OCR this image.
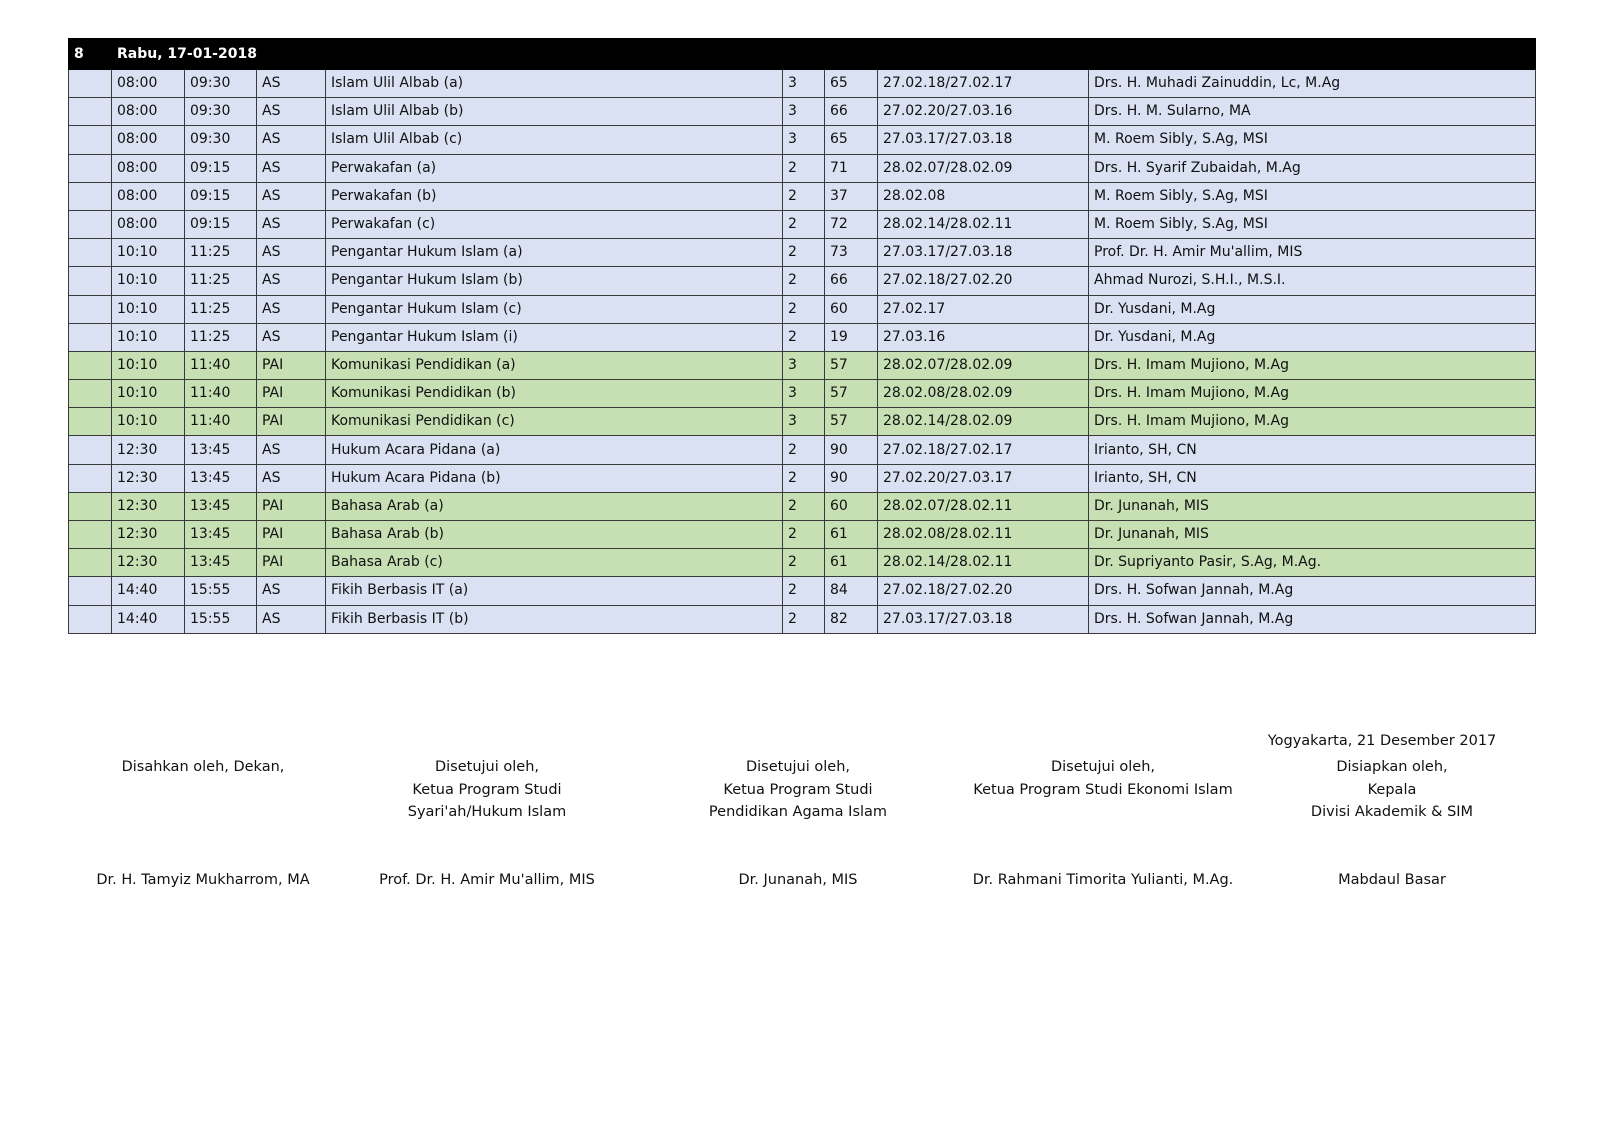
8	Rabu, 17-01-2018							
	08:00	09:30	AS	Islam Ulil Albab (a)	3	65	27.02.18/27.02.17	Drs. H. Muhadi Zainuddin, Lc, M.Ag
	08:00	09:30	AS	Islam Ulil Albab (b)	3	66	27.02.20/27.03.16	Drs. H. M. Sularno, MA
	08:00	09:30	AS	Islam Ulil Albab (c)	3	65	27.03.17/27.03.18	M. Roem Sibly, S.Ag, MSI
	08:00	09:15	AS	Perwakafan (a)	2	71	28.02.07/28.02.09	Drs. H. Syarif Zubaidah, M.Ag
	08:00	09:15	AS	Perwakafan (b)	2	37	28.02.08	M. Roem Sibly, S.Ag, MSI
	08:00	09:15	AS	Perwakafan (c)	2	72	28.02.14/28.02.11	M. Roem Sibly, S.Ag, MSI
	10:10	11:25	AS	Pengantar Hukum Islam (a)	2	73	27.03.17/27.03.18	Prof. Dr. H. Amir Mu'allim, MIS
	10:10	11:25	AS	Pengantar Hukum Islam (b)	2	66	27.02.18/27.02.20	Ahmad Nurozi, S.H.I., M.S.I.
	10:10	11:25	AS	Pengantar Hukum Islam (c)	2	60	27.02.17	Dr. Yusdani, M.Ag
	10:10	11:25	AS	Pengantar Hukum Islam (i)	2	19	27.03.16	Dr. Yusdani, M.Ag
	10:10	11:40	PAI	Komunikasi Pendidikan (a)	3	57	28.02.07/28.02.09	Drs. H. Imam Mujiono, M.Ag
	10:10	11:40	PAI	Komunikasi Pendidikan (b)	3	57	28.02.08/28.02.09	Drs. H. Imam Mujiono, M.Ag
	10:10	11:40	PAI	Komunikasi Pendidikan (c)	3	57	28.02.14/28.02.09	Drs. H. Imam Mujiono, M.Ag
	12:30	13:45	AS	Hukum Acara Pidana (a)	2	90	27.02.18/27.02.17	Irianto, SH, CN
	12:30	13:45	AS	Hukum Acara Pidana (b)	2	90	27.02.20/27.03.17	Irianto, SH, CN
	12:30	13:45	PAI	Bahasa Arab (a)	2	60	28.02.07/28.02.11	Dr. Junanah, MIS
	12:30	13:45	PAI	Bahasa Arab (b)	2	61	28.02.08/28.02.11	Dr. Junanah, MIS
	12:30	13:45	PAI	Bahasa Arab (c)	2	61	28.02.14/28.02.11	Dr. Supriyanto Pasir, S.Ag, M.Ag.
	14:40	15:55	AS	Fikih Berbasis IT (a)	2	84	27.02.18/27.02.20	Drs. H. Sofwan Jannah, M.Ag
	14:40	15:55	AS	Fikih Berbasis IT (b)	2	82	27.03.17/27.03.18	Drs. H. Sofwan Jannah, M.Ag
Yogyakarta, 21 Desember 2017
Disahkan oleh, Dekan,
Dr. H. Tamyiz Mukharrom, MA
Disetujui oleh,
Ketua Program Studi
Syari'ah/Hukum Islam
Prof. Dr. H. Amir Mu'allim, MIS
Disetujui oleh,
Ketua Program Studi
Pendidikan Agama Islam
Dr. Junanah, MIS
Disetujui oleh,
Ketua Program Studi Ekonomi Islam
Dr. Rahmani Timorita Yulianti, M.Ag.
Disiapkan oleh,
Kepala
Divisi Akademik & SIM
Mabdaul Basar
